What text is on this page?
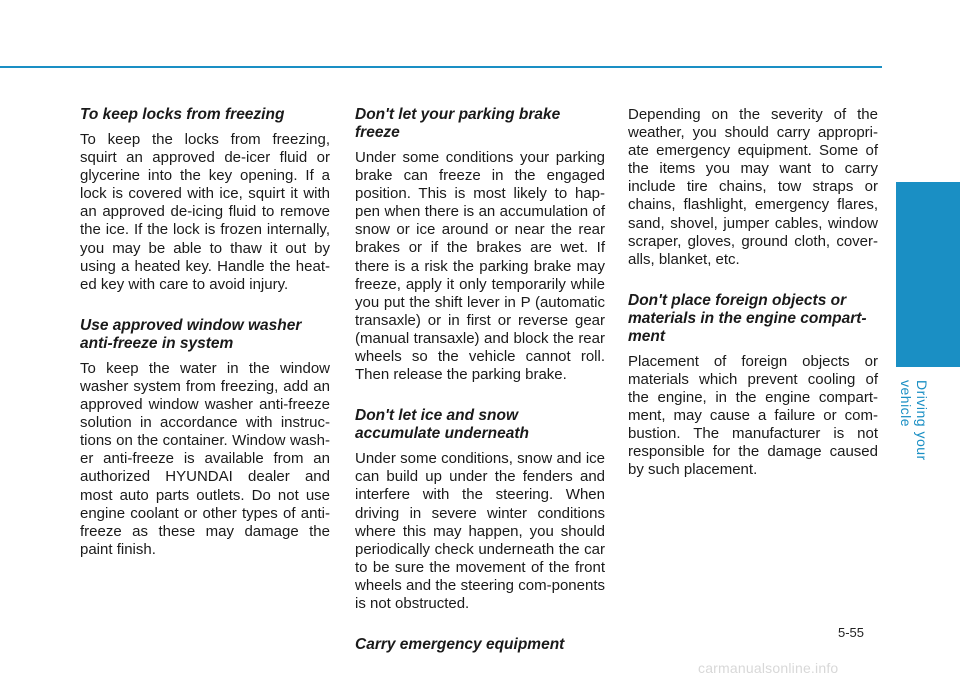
Driving your vehicle
To keep locks from freezing

To keep the locks from freezing, squirt an approved de-icer fluid or glycerine into the key opening. If a lock is covered with ice, squirt it with an approved de-icing fluid to remove the ice. If the lock is frozen internally, you may be able to thaw it out by using a heated key. Handle the heat-ed key with care to avoid injury.

Use approved window washer anti-freeze in system

To keep the water in the window washer system from freezing, add an approved window washer anti-freeze solution in accordance with instruc-tions on the container. Window wash-er anti-freeze is available from an authorized HYUNDAI dealer and most auto parts outlets. Do not use engine coolant or other types of anti-freeze as these may damage the paint finish.

Don't let your parking brake freeze

Under some conditions your parking brake can freeze in the engaged position. This is most likely to hap-pen when there is an accumulation of snow or ice around or near the rear brakes or if the brakes are wet. If there is a risk the parking brake may freeze, apply it only temporarily while you put the shift lever in P (automatic transaxle) or in first or reverse gear (manual transaxle) and block the rear wheels so the vehicle cannot roll. Then release the parking brake.

Don't let ice and snow accumulate underneath

Under some conditions, snow and ice can build up under the fenders and interfere with the steering. When driving in severe winter conditions where this may happen, you should periodically check underneath the car to be sure the movement of the front wheels and the steering com-ponents is not obstructed.

Carry emergency equipment

Depending on the severity of the weather, you should carry appropri-ate emergency equipment. Some of the items you may want to carry include tire chains, tow straps or chains, flashlight, emergency flares, sand, shovel, jumper cables, window scraper, gloves, ground cloth, cover-alls, blanket, etc.

Don't place foreign objects or materials in the engine compart-ment

Placement of foreign objects or materials which prevent cooling of the engine, in the engine compart-ment, may cause a failure or com-bustion. The manufacturer is not responsible for the damage caused by such placement.

5-55
carmanualsonline.info
